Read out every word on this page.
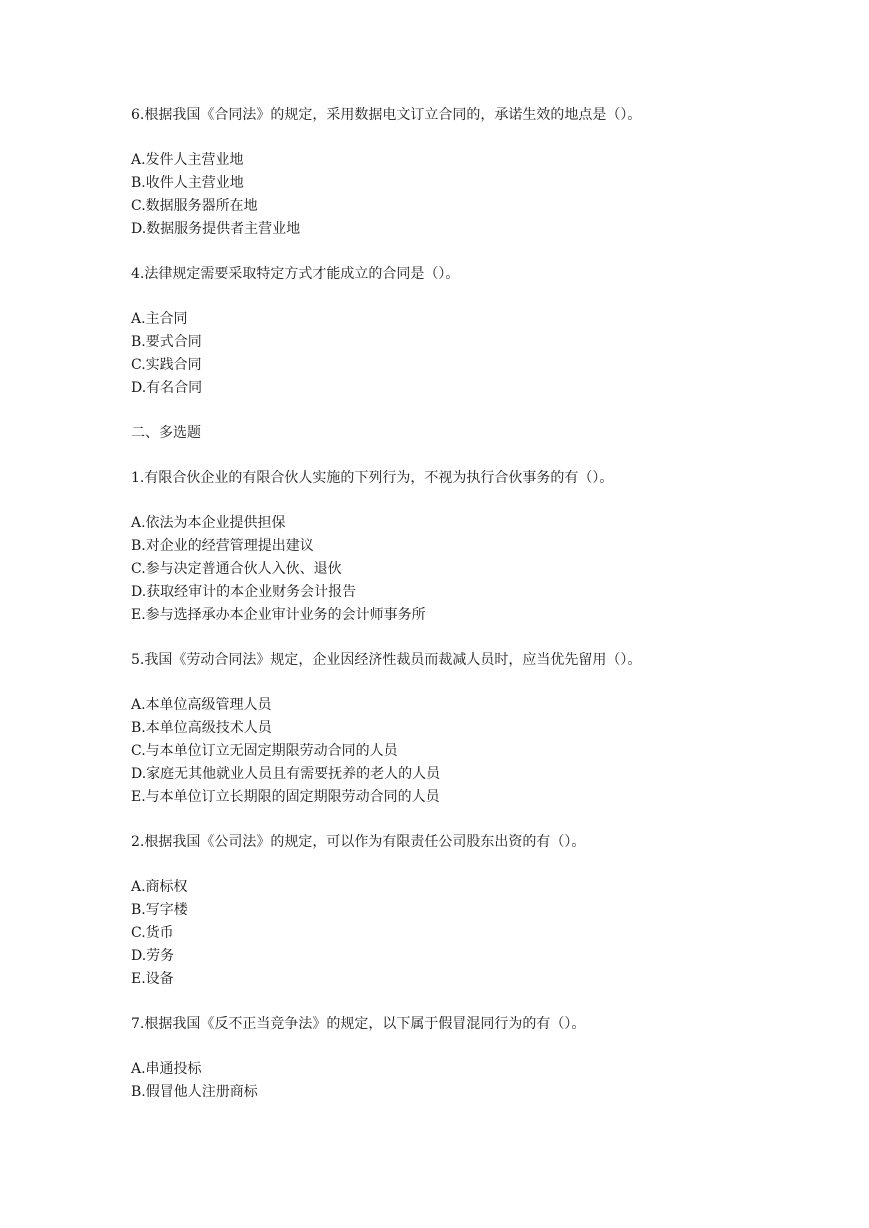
6.根据我国《合同法》的规定，采用数据电文订立合同的，承诺生效的地点是（）。
A.发件人主营业地
B.收件人主营业地
C.数据服务器所在地
D.数据服务提供者主营业地
4.法律规定需要采取特定方式才能成立的合同是（）。
A.主合同
B.要式合同
C.实践合同
D.有名合同
二、多选题
1.有限合伙企业的有限合伙人实施的下列行为，不视为执行合伙事务的有（）。
A.依法为本企业提供担保
B.对企业的经营管理提出建议
C.参与决定普通合伙人入伙、退伙
D.获取经审计的本企业财务会计报告
E.参与选择承办本企业审计业务的会计师事务所
5.我国《劳动合同法》规定，企业因经济性裁员而裁减人员时，应当优先留用（）。
A.本单位高级管理人员
B.本单位高级技术人员
C.与本单位订立无固定期限劳动合同的人员
D.家庭无其他就业人员且有需要抚养的老人的人员
E.与本单位订立长期限的固定期限劳动合同的人员
2.根据我国《公司法》的规定，可以作为有限责任公司股东出资的有（）。
A.商标权
B.写字楼
C.货币
D.劳务
E.设备
7.根据我国《反不正当竞争法》的规定，以下属于假冒混同行为的有（）。
A.串通投标
B.假冒他人注册商标
